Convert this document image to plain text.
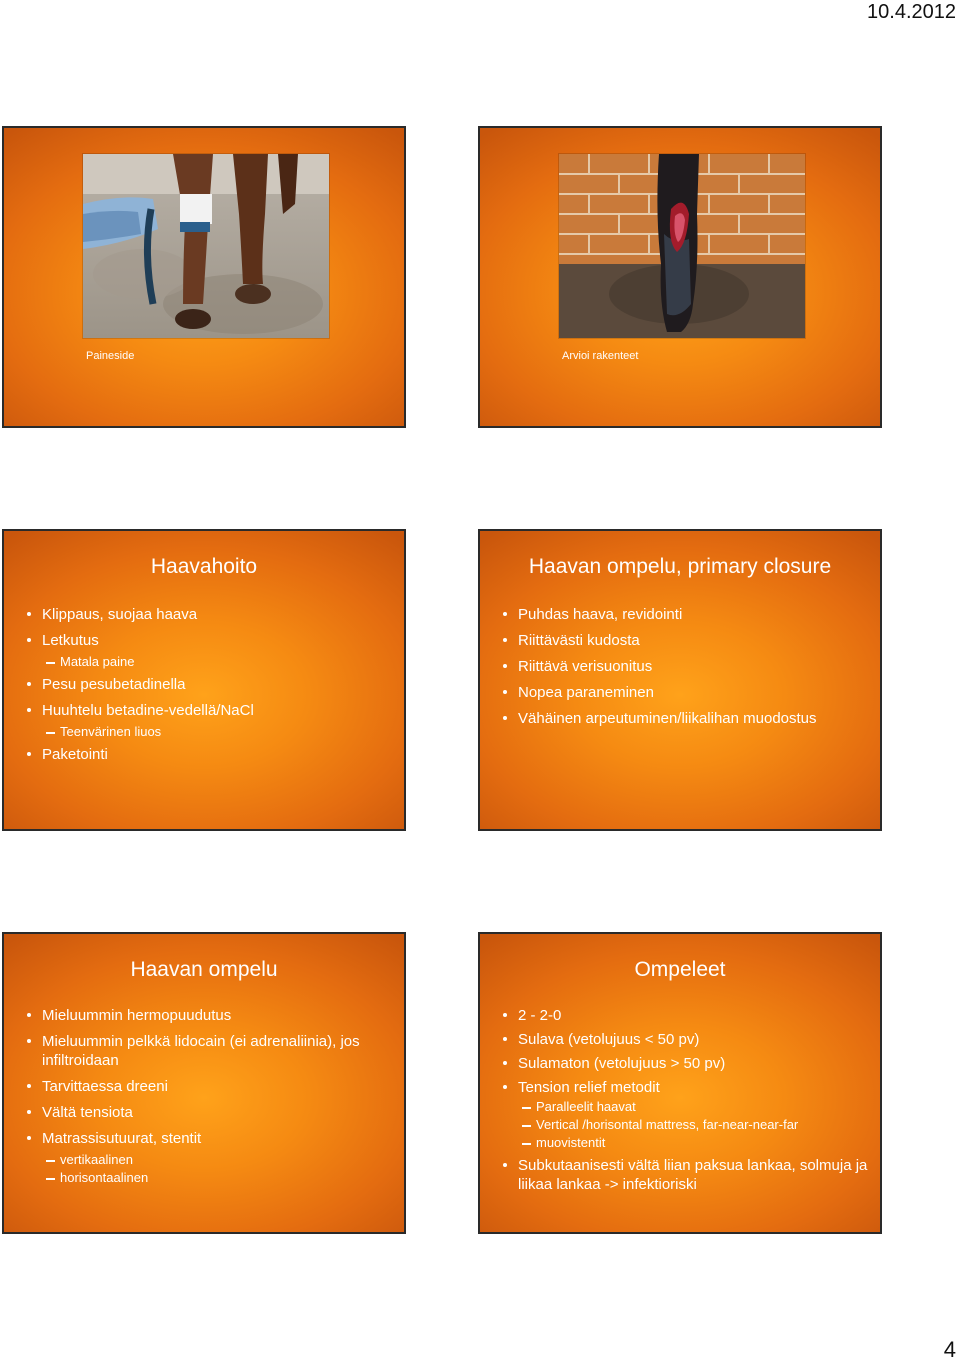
10.4.2012
Paineside	Arvioi rakenteet
Haavahoito
Klippaus, suojaa haava
Letkutus
Matala paine
Pesu pesubetadinella
Huuhtelu betadine-vedellä/NaCl
Teenvärinen liuos
Paketointi
Haavan ompelu, primary closure
Puhdas haava, revidointi
Riittävästi kudosta
Riittävä verisuonitus
Nopea paraneminen
Vähäinen arpeutuminen/liikalihan muodostus
Haavan ompelu
Mieluummin hermopuudutus
Mieluummin pelkkä lidocain (ei adrenaliinia), jos infiltroidaan
Tarvittaessa dreeni
Vältä tensiota
Matrassisutuurat, stentit
vertikaalinen
horisontaalinen
Ompeleet
2 - 2-0
Sulava (vetolujuus < 50 pv)
Sulamaton (vetolujuus > 50 pv)
Tension relief metodit
Paralleelit haavat
Vertical /horisontal mattress, far-near-near-far
muovistentit
Subkutaanisesti vältä liian paksua lankaa, solmuja ja liikaa lankaa -> infektioriski
4
